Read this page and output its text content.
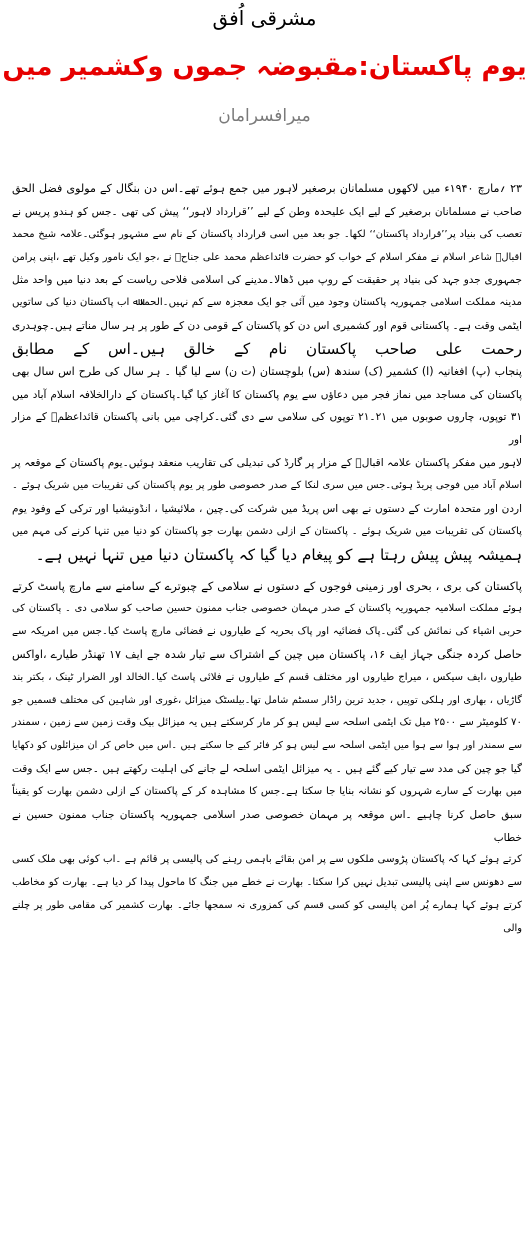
مشرقی اُفق
یوم پاکستان:مقبوضہ جموں وکشمیر میں
میرافسرامان

۲۳ ؍مارچ ۱۹۴۰ء میں لاکھوں مسلمانان برصغیر لاہور میں جمع ہوئے تھے۔اس دن بنگال کے مولوی فضل الحق

صاحب نے مسلمانان برصغیر کے لیے ایک علیحدہ وطن کے لیے ’’قرارداد لاہور‘‘ پیش کی تھی ۔جس کو ہندو پریس نے

تعصب کی بنیاد پر’’قرارداد پاکستان‘‘ لکھا۔ جو بعد میں اسی قرارداد پاکستان کے نام سے مشہور ہوگئی۔علامہ شیخ محمد

اقبالؒ شاعر اسلام نے مفکر اسلام کے خواب کو حضرت قائداعظم محمد علی جناحؒ نے ،جو ایک نامور وکیل تھے ،اپنی پرامن

جمہوری جدو جہد کی بنیاد پر حقیقت کے روپ میں ڈھالا۔مدینے کی اسلامی فلاحی ریاست کے بعد دنیا میں واحد مثل

مدینہ مملکت اسلامی جمہوریہ پاکستان وجود میں آئی جو ایک معجزہ سے کم نہیں۔الحمدﷲ اب پاکستان دنیا کی ساتویں

ایٹمی وقت ہے۔ پاکستانی قوم اور کشمیری اس دن کو پاکستان کے قومی دن کے طور پر ہر سال مناتے ہیں۔چوہدری

رحمت علی صاحب پاکستان نام کے خالق ہیں۔اس کے مطابق

پنجاب (پ) افغانیہ (ا) کشمیر (ک) سندھ (س) بلوچستان (ت ن) سے لیا گیا ۔ ہر سال کی طرح اس سال بھی

پاکستان کی مساجد میں نماز فجر میں دعاؤں سے یوم پاکستان کا آغاز کیا گیا۔پاکستان کے دارالخلافہ اسلام آباد میں

۳۱ توپوں، چاروں صوبوں میں ۲۱۔۲۱ توپوں کی سلامی سے دی گئی۔کراچی میں بانی پاکستان قائداعظمؒ کے مزار اور

لاہور میں مفکر پاکستان علامہ اقبالؒ کے مزار پر گارڈ کی تبدیلی کی تقاریب منعقد ہوئیں۔یوم پاکستان کے موقعہ پر

اسلام آباد میں فوجی پریڈ ہوئی۔جس میں سری لنکا کے صدر خصوصی طور پر یوم پاکستان کی تقریبات میں شریک ہوئے ۔

اردن اور متحدہ امارت کے دستوں نے بھی اس پریڈ میں شرکت کی۔چین ، ملائیشیا ، انڈونیشیا اور ترکی کے وفود یوم

پاکستان کی تقریبات میں شریک ہوئے ۔ پاکستان کے ازلی دشمن بھارت جو پاکستان کو دنیا میں تنہا کرنے کی مہم میں

ہمیشہ پیش پیش رہتا ہے کو پیغام دیا گیا کہ پاکستان دنیا میں تنہا نہیں ہے۔

پاکستان کی بری ، بحری اور زمینی فوجوں کے دستوں نے سلامی کے چبوترے کے سامنے سے مارچ پاسٹ کرتے

ہوئے مملکت اسلامیہ جمہوریہ پاکستان کے صدر مہمان خصوصی جناب ممنون حسین صاحب کو سلامی دی ۔ پاکستان کی

حربی اشیاء کی نمائش کی گئی۔پاک فضائیہ اور پاک بحریہ کے طیاروں نے فضائی مارچ پاسٹ کیا۔جس میں امریکہ سے

حاصل کردہ جنگی جہاز ایف ۱۶، پاکستان میں چین کے اشتراک سے تیار شدہ جے ایف ۱۷ تھنڈر طیارے ،اواکس

طیاروں ،ایف سیکس ، میراج طیاروں اور مختلف قسم کے طیاروں نے فلائی پاسٹ کیا۔الخالد اور الضرار ٹینک ، بکتر بند

گاڑیاں ، بھاری اور ہلکی توپیں ، جدید ترین راڈار سسٹم شامل تھا۔بیلسٹک میزائل ،غوری اور شاہین کی مختلف قسمیں جو

۷۰ کلومیٹر سے ۲۵۰۰ میل تک ایٹمی اسلحہ سے لیس ہو کر مار کرسکتے ہیں یہ میزائل بیک وقت زمین سے زمین ، سمندر

سے سمندر اور ہوا سے ہوا میں ایٹمی اسلحہ سے لیس ہو کر فائر کیے جا سکتے ہیں ۔اس میں خاص کر ان میزائلوں کو دکھایا

گیا جو چین کی مدد سے تیار کیے گئے ہیں ۔ یہ میزائل ایٹمی اسلحہ لے جانے کی اہلیت رکھتے ہیں ۔جس سے ایک وقت

میں بھارت کے سارے شہروں کو نشانہ بنایا جا سکتا ہے۔جس کا مشاہدہ کر کے پاکستان کے ازلی دشمن بھارت کو یقیناً

سبق حاصل کرنا چاہیے ۔اس موقعہ پر مہمان خصوصی صدر اسلامی جمہوریہ پاکستان جناب ممنون حسین نے خطاب

کرتے ہوئے کہا کہ پاکستان پڑوسی ملکوں سے پر امن بقائے باہمی رہنے کی پالیسی پر قائم ہے ۔اب کوئی بھی ملک کسی

سے دھونس سے اپنی پالیسی تبدیل نہیں کرا سکتا۔ بھارت نے خطے میں جنگ کا ماحول پیدا کر دیا ہے۔ بھارت کو مخاطب

کرتے ہوئے کہا ہمارے پُر امن پالیسی کو کسی قسم کی کمزوری نہ سمجھا جائے۔ بھارت کشمیر کی مقامی طور پر چلنے والی
